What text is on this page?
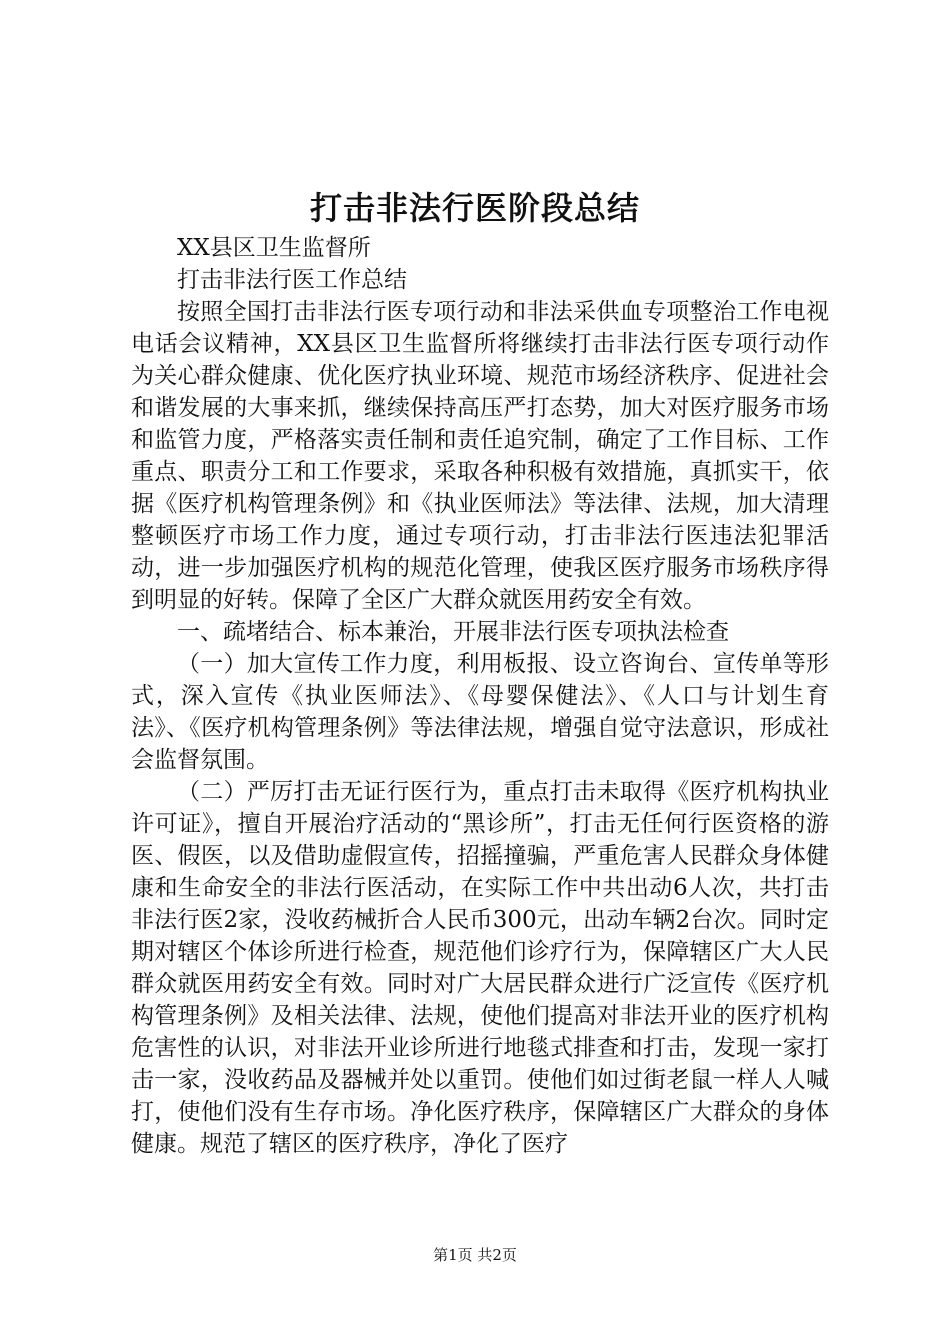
打击非法行医阶段总结

XX县区卫生监督所

打击非法行医工作总结

按照全国打击非法行医专项行动和非法采供血专项整治工作电视电话会议精神，XX县区卫生监督所将继续打击非法行医专项行动作为关心群众健康、优化医疗执业环境、规范市场经济秩序、促进社会和谐发展的大事来抓，继续保持高压严打态势，加大对医疗服务市场和监管力度，严格落实责任制和责任追究制，确定了工作目标、工作重点、职责分工和工作要求，采取各种积极有效措施，真抓实干，依据《医疗机构管理条例》和《执业医师法》等法律、法规，加大清理整顿医疗市场工作力度，通过专项行动，打击非法行医违法犯罪活动，进一步加强医疗机构的规范化管理，使我区医疗服务市场秩序得到明显的好转。保障了全区广大群众就医用药安全有效。

一、疏堵结合、标本兼治，开展非法行医专项执法检查

（一）加大宣传工作力度，利用板报、设立咨询台、宣传单等形式，深入宣传《执业医师法》、《母婴保健法》、《人口与计划生育法》、《医疗机构管理条例》等法律法规，增强自觉守法意识，形成社会监督氛围。

（二）严厉打击无证行医行为，重点打击未取得《医疗机构执业许可证》，擅自开展治疗活动的“黑诊所”，打击无任何行医资格的游医、假医，以及借助虚假宣传，招摇撞骗，严重危害人民群众身体健康和生命安全的非法行医活动，在实际工作中共出动6人次，共打击非法行医2家，没收药械折合人民币300元，出动车辆2台次。同时定期对辖区个体诊所进行检查，规范他们诊疗行为，保障辖区广大人民群众就医用药安全有效。同时对广大居民群众进行广泛宣传《医疗机构管理条例》及相关法律、法规，使他们提高对非法开业的医疗机构危害性的认识，对非法开业诊所进行地毯式排查和打击，发现一家打击一家，没收药品及器械并处以重罚。使他们如过街老鼠一样人人喊打，使他们没有生存市场。净化医疗秩序，保障辖区广大群众的身体健康。规范了辖区的医疗秩序，净化了医疗

第1页 共2页
